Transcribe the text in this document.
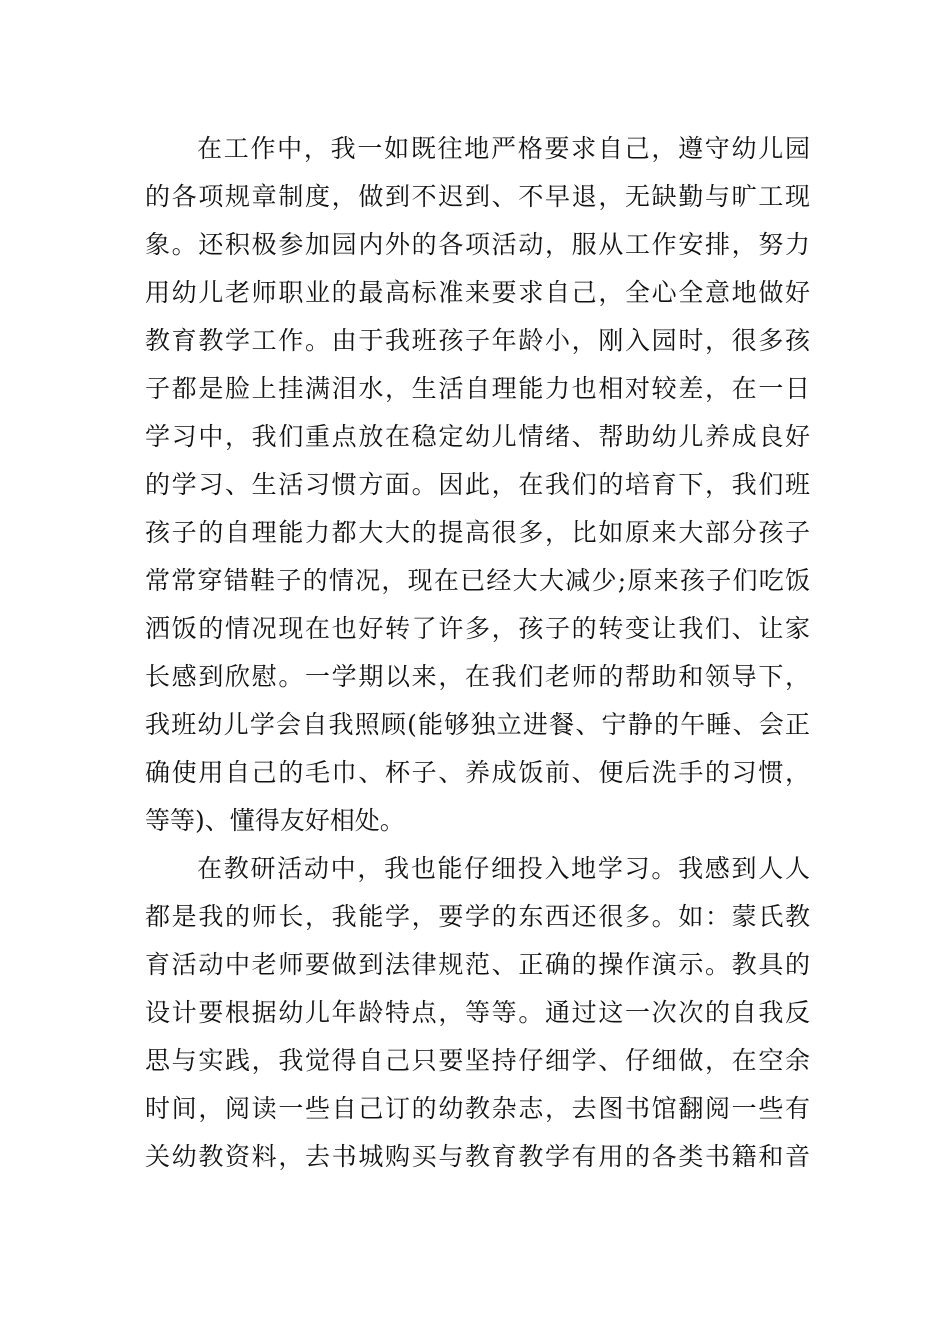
在工作中，我一如既往地严格要求自己，遵守幼儿园
的各项规章制度，做到不迟到、不早退，无缺勤与旷工现
象。还积极参加园内外的各项活动，服从工作安排，努力
用幼儿老师职业的最高标准来要求自己，全心全意地做好
教育教学工作。由于我班孩子年龄小，刚入园时，很多孩
子都是脸上挂满泪水，生活自理能力也相对较差，在一日
学习中，我们重点放在稳定幼儿情绪、帮助幼儿养成良好
的学习、生活习惯方面。因此，在我们的培育下，我们班
孩子的自理能力都大大的提高很多，比如原来大部分孩子
常常穿错鞋子的情况，现在已经大大减少;原来孩子们吃饭
洒饭的情况现在也好转了许多，孩子的转变让我们、让家
长感到欣慰。一学期以来，在我们老师的帮助和领导下，
我班幼儿学会自我照顾(能够独立进餐、宁静的午睡、会正
确使用自己的毛巾、杯子、养成饭前、便后洗手的习惯，
等等)、懂得友好相处。
在教研活动中，我也能仔细投入地学习。我感到人人
都是我的师长，我能学，要学的东西还很多。如：蒙氏教
育活动中老师要做到法律规范、正确的操作演示。教具的
设计要根据幼儿年龄特点，等等。通过这一次次的自我反
思与实践，我觉得自己只要坚持仔细学、仔细做，在空余
时间，阅读一些自己订的幼教杂志，去图书馆翻阅一些有
关幼教资料，去书城购买与教育教学有用的各类书籍和音
